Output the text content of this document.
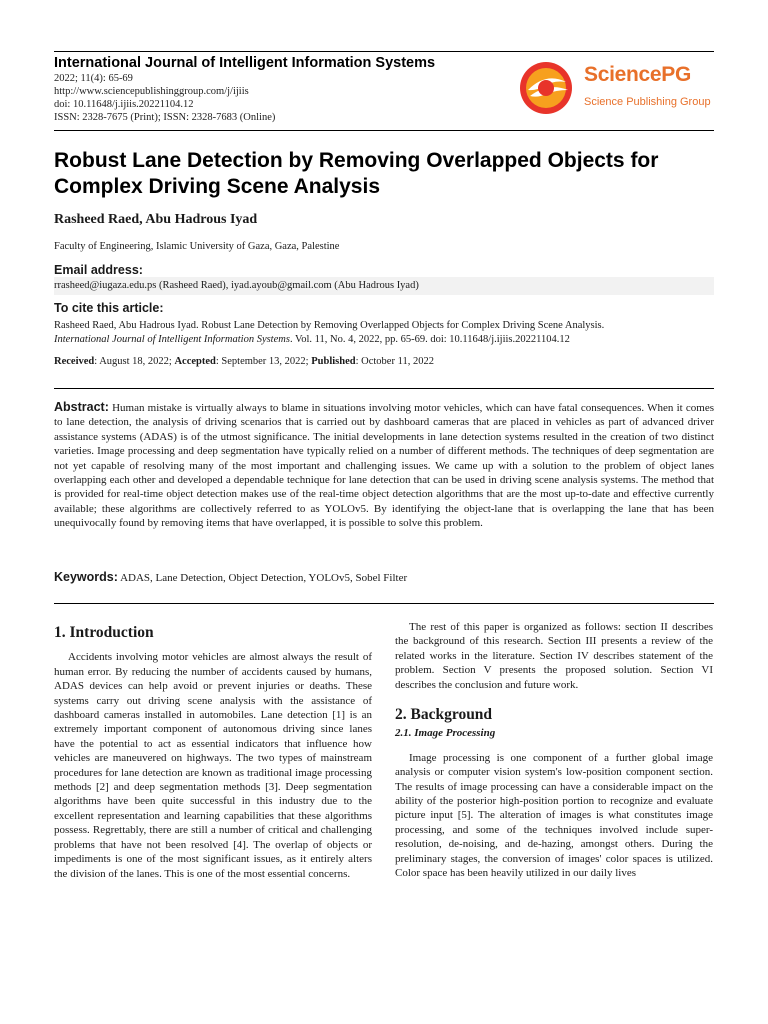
International Journal of Intelligent Information Systems
2022; 11(4): 65-69
http://www.sciencepublishinggroup.com/j/ijiis
doi: 10.11648/j.ijiis.20221104.12
ISSN: 2328-7675 (Print); ISSN: 2328-7683 (Online)
SciencePG
Science Publishing Group
Robust Lane Detection by Removing Overlapped Objects for Complex Driving Scene Analysis
Rasheed Raed, Abu Hadrous Iyad
Faculty of Engineering, Islamic University of Gaza, Gaza, Palestine
Email address:
rrasheed@iugaza.edu.ps (Rasheed Raed), iyad.ayoub@gmail.com (Abu Hadrous Iyad)
To cite this article:
Rasheed Raed, Abu Hadrous Iyad. Robust Lane Detection by Removing Overlapped Objects for Complex Driving Scene Analysis.
International Journal of Intelligent Information Systems. Vol. 11, No. 4, 2022, pp. 65-69. doi: 10.11648/j.ijiis.20221104.12
Received: August 18, 2022; Accepted: September 13, 2022; Published: October 11, 2022
Abstract: Human mistake is virtually always to blame in situations involving motor vehicles, which can have fatal consequences. When it comes to lane detection, the analysis of driving scenarios that is carried out by dashboard cameras that are placed in vehicles as part of advanced driver assistance systems (ADAS) is of the utmost significance. The initial developments in lane detection systems resulted in the creation of two distinct varieties. Image processing and deep segmentation have typically relied on a number of different methods. The techniques of deep segmentation are not yet capable of resolving many of the most important and challenging issues. We came up with a solution to the problem of object lanes overlapping each other and developed a dependable technique for lane detection that can be used in driving scene analysis systems. The method that is provided for real-time object detection makes use of the real-time object detection algorithms that are the most up-to-date and effective currently available; these algorithms are collectively referred to as YOLOv5. By identifying the object-lane that is overlapping the lane that has been unequivocally found by removing items that have overlapped, it is possible to solve this problem.
Keywords: ADAS, Lane Detection, Object Detection, YOLOv5, Sobel Filter
1. Introduction

Accidents involving motor vehicles are almost always the result of human error. By reducing the number of accidents caused by humans, ADAS devices can help avoid or prevent injuries or deaths. These systems carry out driving scene analysis with the assistance of dashboard cameras installed in automobiles. Lane detection [1] is an extremely important component of autonomous driving since lanes have the potential to act as essential indicators that influence how vehicles are maneuvered on highways. The two types of mainstream procedures for lane detection are known as traditional image processing methods [2] and deep segmentation methods [3]. Deep segmentation algorithms have been quite successful in this industry due to the excellent representation and learning capabilities that these algorithms possess. Regrettably, there are still a number of critical and challenging problems that have not been resolved [4]. The overlap of objects or impediments is one of the most significant issues, as it entirely alters the division of the lanes. This is one of the most essential concerns.

The rest of this paper is organized as follows: section II describes the background of this research. Section III presents a review of the related works in the literature. Section IV describes statement of the problem. Section V presents the proposed solution. Section VI describes the conclusion and future work.

2. Background
2.1. Image Processing

Image processing is one component of a further global image analysis or computer vision system's low-position component section. The results of image processing can have a considerable impact on the ability of the posterior high-position portion to recognize and evaluate picture input [5]. The alteration of images is what constitutes image processing, and some of the techniques involved include super-resolution, de-noising, and de-hazing, amongst others. During the preliminary stages, the conversion of images' color spaces is utilized. Color space has been heavily utilized in our daily lives
